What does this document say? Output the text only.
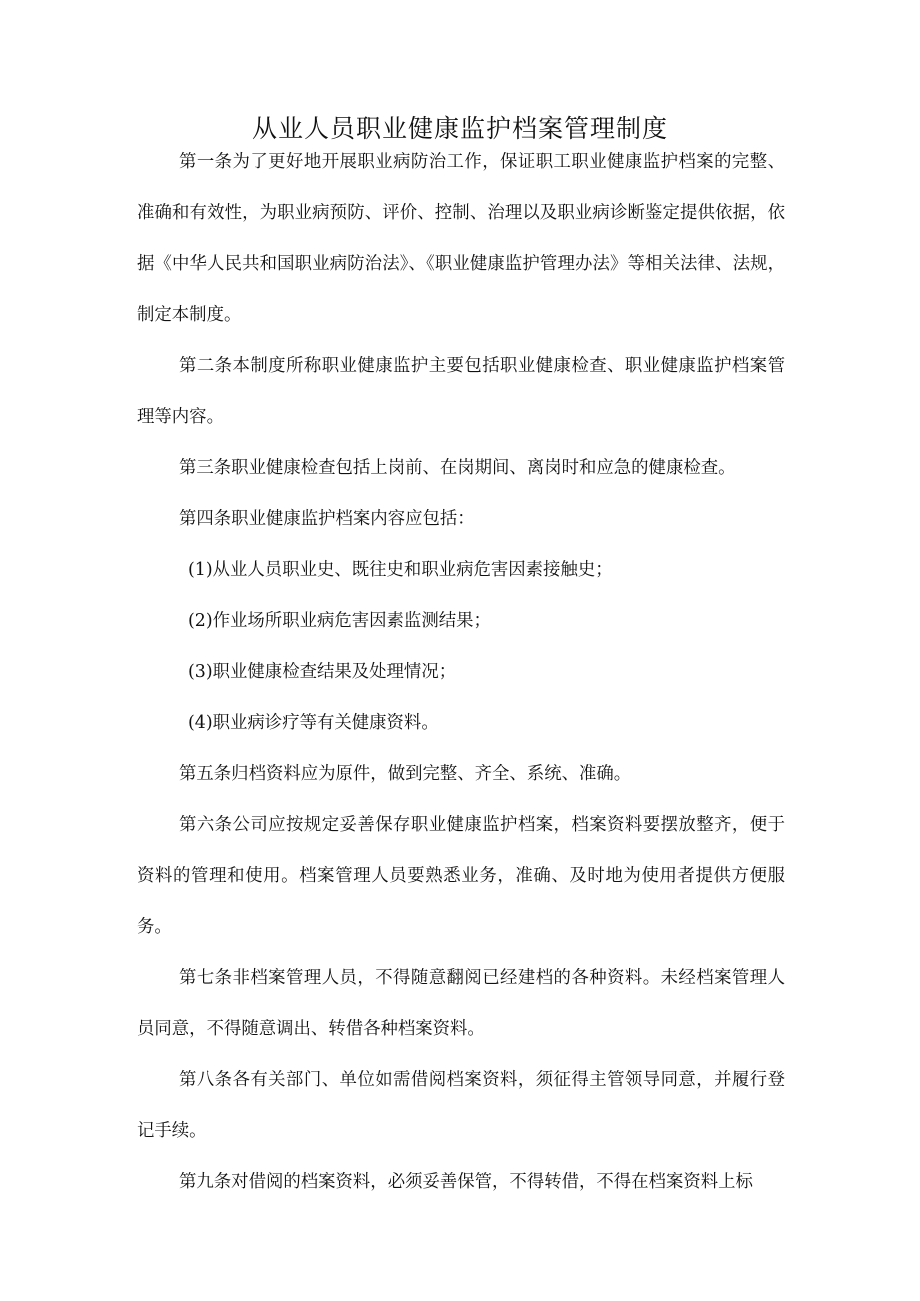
从业人员职业健康监护档案管理制度

第一条为了更好地开展职业病防治工作，保证职工职业健康监护档案的完整、准确和有效性，为职业病预防、评价、控制、治理以及职业病诊断鉴定提供依据，依据《中华人民共和国职业病防治法》、《职业健康监护管理办法》等相关法律、法规，制定本制度。

第二条本制度所称职业健康监护主要包括职业健康检查、职业健康监护档案管理等内容。

第三条职业健康检查包括上岗前、在岗期间、离岗时和应急的健康检查。

第四条职业健康监护档案内容应包括：

(1)从业人员职业史、既往史和职业病危害因素接触史；
(2)作业场所职业病危害因素监测结果；
(3)职业健康检查结果及处理情况；
(4)职业病诊疗等有关健康资料。

第五条归档资料应为原件，做到完整、齐全、系统、准确。

第六条公司应按规定妥善保存职业健康监护档案，档案资料要摆放整齐，便于资料的管理和使用。档案管理人员要熟悉业务，准确、及时地为使用者提供方便服务。

第七条非档案管理人员，不得随意翻阅已经建档的各种资料。未经档案管理人员同意，不得随意调出、转借各种档案资料。

第八条各有关部门、单位如需借阅档案资料，须征得主管领导同意，并履行登记手续。

第九条对借阅的档案资料，必须妥善保管，不得转借，不得在档案资料上标
